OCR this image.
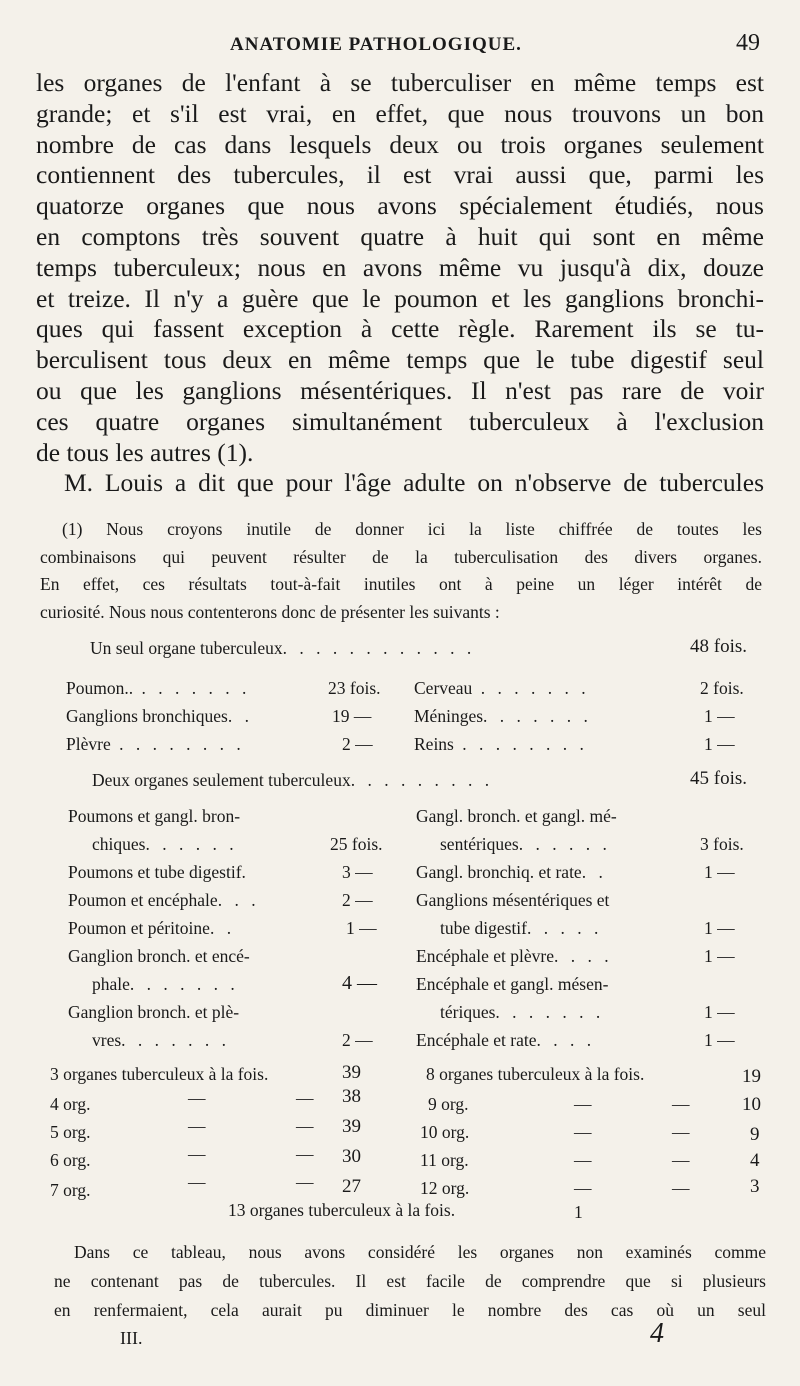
ANATOMIE PATHOLOGIQUE.	49
les organes de l'enfant à se tuberculiser en même temps est
grande; et s'il est vrai, en effet, que nous trouvons un bon
nombre de cas dans lesquels deux ou trois organes seulement
contiennent des tubercules, il est vrai aussi que, parmi les
quatorze organes que nous avons spécialement étudiés, nous
en comptons très souvent quatre à huit qui sont en même
temps tuberculeux; nous en avons même vu jusqu'à dix, douze
et treize. Il n'y a guère que le poumon et les ganglions bronchi-
ques qui fassent exception à cette règle. Rarement ils se tu-
berculisent tous deux en même temps que le tube digestif seul
ou que les ganglions mésentériques. Il n'est pas rare de voir
ces quatre organes simultanément tuberculeux à l'exclusion
de tous les autres (1).
M. Louis a dit que pour l'âge adulte on n'observe de tubercules
(1) Nous croyons inutile de donner ici la liste chiffrée de toutes les
combinaisons qui peuvent résulter de la tuberculisation des divers organes.
En effet, ces résultats tout-à-fait inutiles ont à peine un léger intérêt de
curiosité. Nous nous contenterons donc de présenter les suivants :
Un seul organe tuberculeux. . . . . . . . . . . .	48 fois.
Poumon.. . . . . . . .	23 fois. Cerveau . . . . . . .	2 fois.
Ganglions bronchiques. .	19 — Méninges. . . . . . .	1 —
Plèvre . . . . . . . .	2 — Reins . . . . . . . .	1 —
Deux organes seulement tuberculeux. . . . . . . . .	45 fois.
Poumons et gangl. bron-
chiques. . . . . .	25 fois.
Poumons et tube digestif.	3 —
Poumon et encéphale. . .	2 —
Poumon et péritoine. .	1 —
Ganglion bronch. et encé-
phale. . . . . . .	4 —
Ganglion bronch. et plè-
vres. . . . . . .	2 —
Gangl. bronch. et gangl. mé-
sentériques. . . . . .	3 fois.
Gangl. bronchiq. et rate. .	1 —
Ganglions mésentériques et
tube digestif. . . . .	1 —
Encéphale et plèvre. . . .	1 —
Encéphale et gangl. mésen-
tériques. . . . . . .	1 —
Encéphale et rate. . . .	1 —
3 organes tuberculeux à la fois.	39	8 organes tuberculeux à la fois.	19
4 org.	—	— 38	9 org.	—	—	10
5 org.	—	— 39	10 org.	—	—	9
6 org.	—	— 30	11 org.	—	—	4
7 org.	—	— 27	12 org.	—	—	3
13 organes tuberculeux à la fois.	1
Dans ce tableau, nous avons considéré les organes non examinés comme
ne contenant pas de tubercules. Il est facile de comprendre que si plusieurs
en renfermaient, cela aurait pu diminuer le nombre des cas où un seul
III.	4
